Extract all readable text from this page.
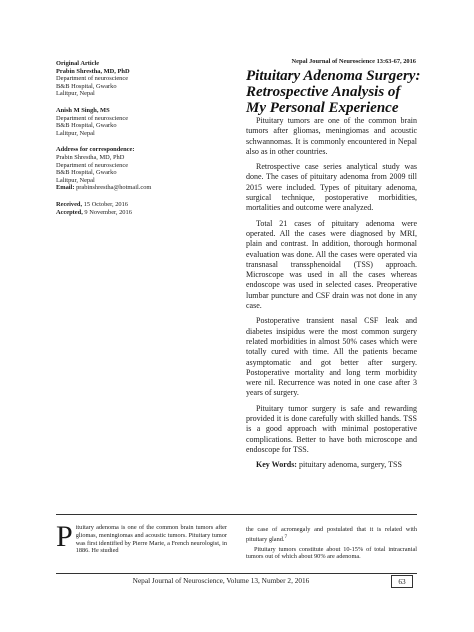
Original Article
Prabin Shrestha, MD, PhD
Department of neuroscience
B&B Hospital, Gwarko
Lalitpur, Nepal
Anish M Singh, MS
Department of neuroscience
B&B Hospital, Gwarko
Lalitpur, Nepal
Address for correspondence:
Prabin Shrestha, MD, PhD
Department of neuroscience
B&B Hospital, Gwarko
Lalitpur, Nepal
Email: prabinshrestha@hotmail.com
Received, 15 October, 2016
Accepted, 9 November, 2016
Nepal Journal of Neuroscience 13:63-67, 2016
Pituitary Adenoma Surgery: Retrospective Analysis of My Personal Experience

Pituitary tumors are one of the common brain tumors after gliomas, meningiomas and acoustic schwannomas. It is commonly encountered in Nepal also as in other countries.

Retrospective case series analytical study was done. The cases of pituitary adenoma from 2009 till 2015 were included. Types of pituitary adenoma, surgical technique, postoperative morbidities, mortalities and outcome were analyzed.

Total 21 cases of pituitary adenoma were operated. All the cases were diagnosed by MRI, plain and contrast. In addition, thorough hormonal evaluation was done. All the cases were operated via transnasal transsphenoidal (TSS) approach. Microscope was used in all the cases whereas endoscope was used in selected cases. Preoperative lumbar puncture and CSF drain was not done in any case.

Postoperative transient nasal CSF leak and diabetes insipidus were the most common surgery related morbidities in almost 50% cases which were totally cured with time. All the patients became asymptomatic and got better after surgery. Postoperative mortality and long term morbidity were nil. Recurrence was noted in one case after 3 years of surgery.

Pituitary tumor surgery is safe and rewarding provided it is done carefully with skilled hands. TSS is a good approach with minimal postoperative complications. Better to have both microscope and endoscope for TSS.

Key Words: pituitary adenoma, surgery, TSS

P ituitary adenoma is one of the common brain tumors after gliomas, meningiomas and acoustic tumors. Pituitary tumor was first identified by Pierre Marie, a French neurologist, in 1886. He studied

the case of acromegaly and postulated that it is related with pituitary gland.$^7$

Pituitary tumors constitute about 10-15% of total intracranial tumors out of which about 90% are adenoma.

Nepal Journal of Neuroscience, Volume 13, Number 2, 2016	63
